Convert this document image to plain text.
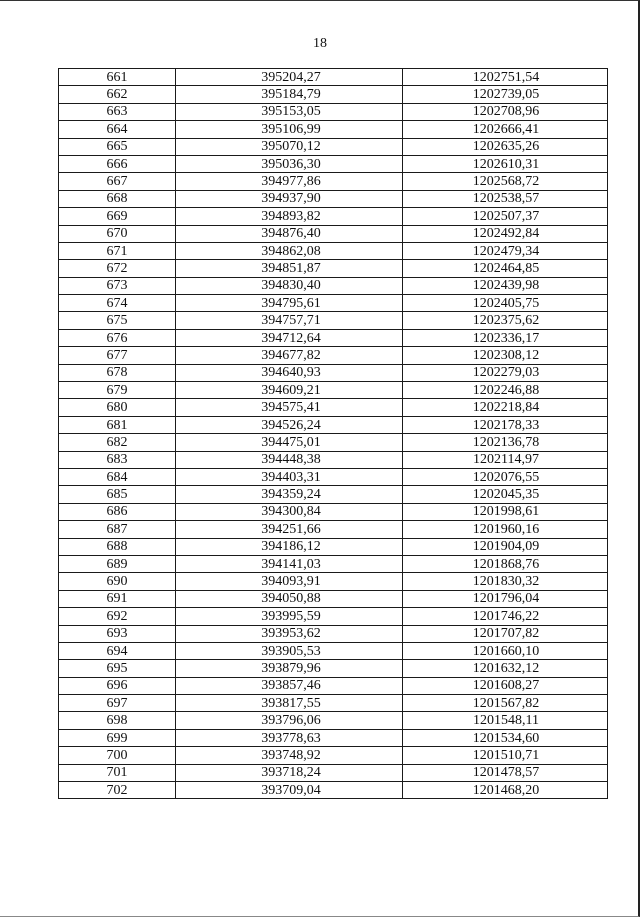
18
661	395204,27	1202751,54
662	395184,79	1202739,05
663	395153,05	1202708,96
664	395106,99	1202666,41
665	395070,12	1202635,26
666	395036,30	1202610,31
667	394977,86	1202568,72
668	394937,90	1202538,57
669	394893,82	1202507,37
670	394876,40	1202492,84
671	394862,08	1202479,34
672	394851,87	1202464,85
673	394830,40	1202439,98
674	394795,61	1202405,75
675	394757,71	1202375,62
676	394712,64	1202336,17
677	394677,82	1202308,12
678	394640,93	1202279,03
679	394609,21	1202246,88
680	394575,41	1202218,84
681	394526,24	1202178,33
682	394475,01	1202136,78
683	394448,38	1202114,97
684	394403,31	1202076,55
685	394359,24	1202045,35
686	394300,84	1201998,61
687	394251,66	1201960,16
688	394186,12	1201904,09
689	394141,03	1201868,76
690	394093,91	1201830,32
691	394050,88	1201796,04
692	393995,59	1201746,22
693	393953,62	1201707,82
694	393905,53	1201660,10
695	393879,96	1201632,12
696	393857,46	1201608,27
697	393817,55	1201567,82
698	393796,06	1201548,11
699	393778,63	1201534,60
700	393748,92	1201510,71
701	393718,24	1201478,57
702	393709,04	1201468,20
